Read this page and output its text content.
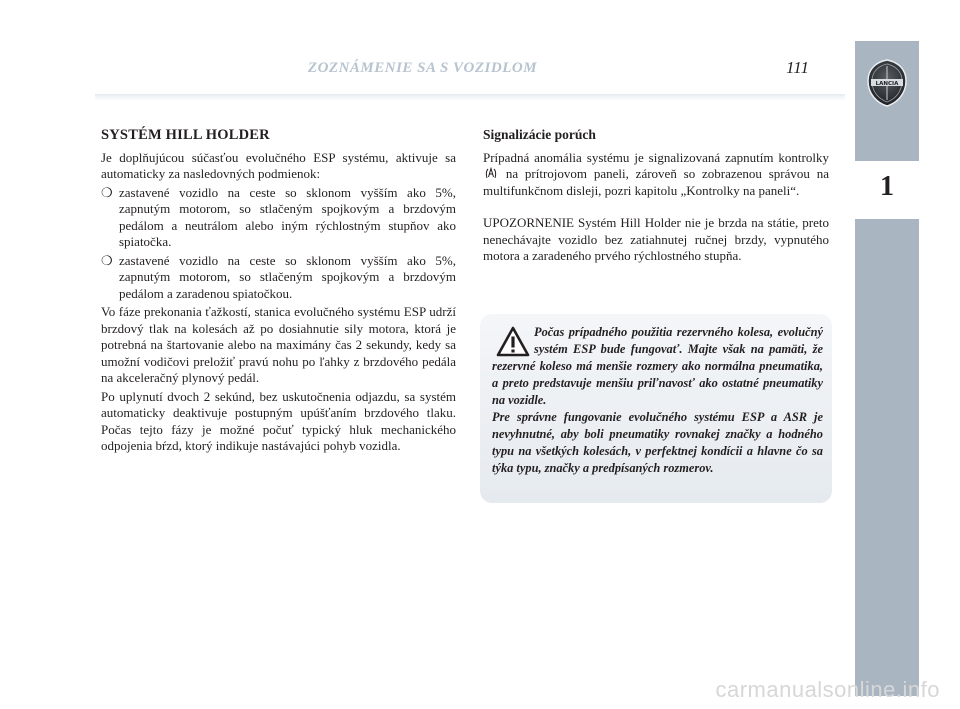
ZOZNÁMENIE SA S VOZIDLOM	111
LANCIA
1
SYSTÉM HILL HOLDER

Je doplňujúcou súčasťou evolučného ESP systému, aktivuje sa automaticky za nasledovných podmienok:

❍ zastavené vozidlo na ceste so sklonom vyšším ako 5%, zapnutým motorom, so stlačeným spojkovým a brzdovým pedálom a neutrálom alebo iným rýchlostným stupňov ako spiatočka.
❍ zastavené vozidlo na ceste so sklonom vyšším ako 5%, zapnutým motorom, so stlačeným spojkovým a brzdovým pedálom a zaradenou spiatočkou.

Vo fáze prekonania ťažkostí, stanica evolučného systému ESP udrží brzdový tlak na kolesách až po dosiahnutie sily motora, ktorá je potrebná na štartovanie alebo na maximány čas 2 sekundy, kedy sa umožní vodičovi preložiť pravú nohu po ľahky z brzdového pedála na akceleračný plynový pedál.

Po uplynutí dvoch 2 sekúnd, bez uskutočnenia odjazdu, sa systém automaticky deaktivuje postupným upúšťaním brzdového tlaku. Počas tejto fázy je možné počuť typický hluk mechanického odpojenia bŕzd, ktorý indikuje nastávajúci pohyb vozidla.

Signalizácie porúch

Prípadná anomália systému je signalizovaná zapnutím kontrolky  na prítrojovom paneli, zároveň so zobrazenou správou na multifunkčnom disleji, pozri kapitolu „Kontrolky na paneli“.

UPOZORNENIE Systém Hill Holder nie je brzda na státie, preto nenechávajte vozidlo bez zatiahnutej ručnej brzdy, vypnutého motora a zaradeného prvého rýchlostného stupňa.

Počas prípadného použitia rezervného kolesa, evolučný systém ESP bude fungovať. Majte však na pamäti, že rezervné koleso má menšie rozmery ako normálna pneumatika, a preto predstavuje menšiu priľnavosť ako ostatné pneumatiky na vozidle.
Pre správne fungovanie evolučného systému ESP a ASR je nevyhnutné, aby boli pneumatiky rovnakej značky a hodného typu na všetkých kolesách, v perfektnej kondícii a hlavne čo sa týka typu, značky a predpísaných rozmerov.
carmanualsonline.info
